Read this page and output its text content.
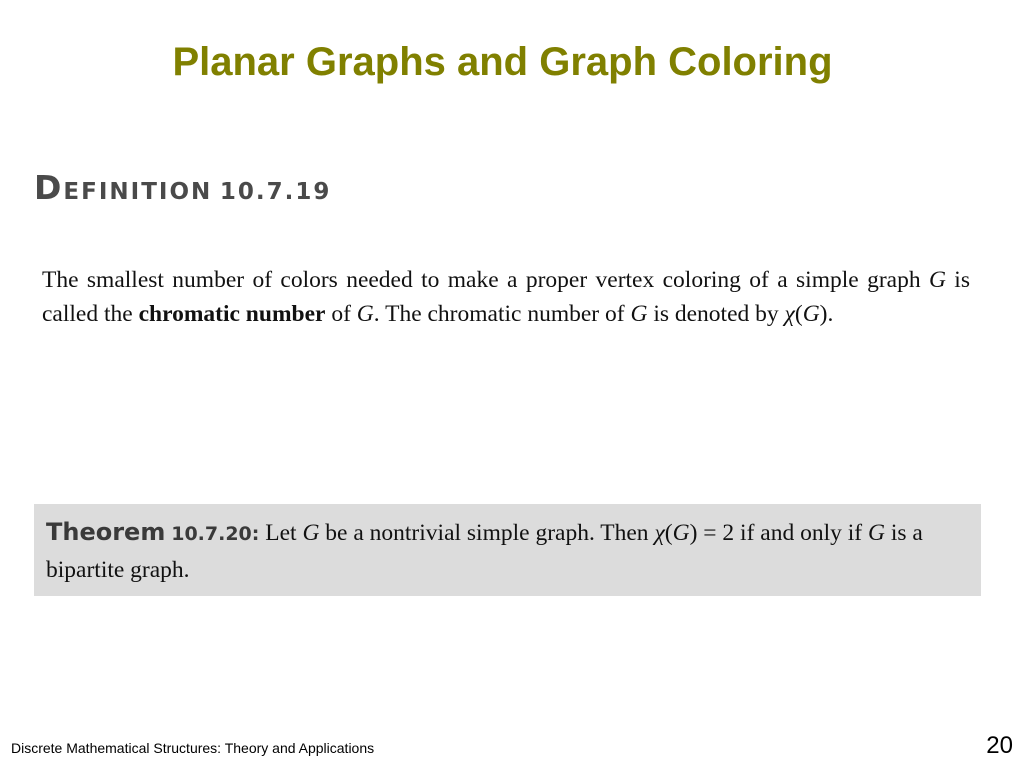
Planar Graphs and Graph Coloring
DEFINITION 10.7.19

The smallest number of colors needed to make a proper vertex coloring of a simple graph G is called the chromatic number of G. The chromatic number of G is denoted by χ(G).

Theorem 10.7.20: Let G be a nontrivial simple graph. Then χ(G) = 2 if and only if G is a bipartite graph.

Discrete Mathematical Structures: Theory and Applications	20
